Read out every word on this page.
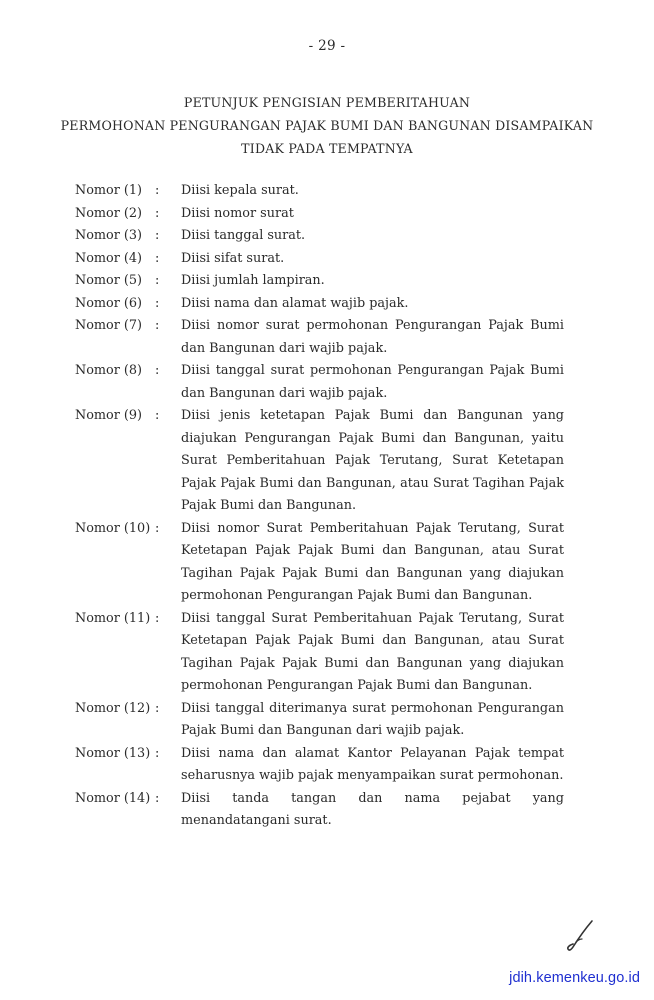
- 29 -
PETUNJUK PENGISIAN PEMBERITAHUAN
PERMOHONAN PENGURANGAN PAJAK BUMI DAN BANGUNAN DISAMPAIKAN
TIDAK PADA TEMPATNYA
Nomor (1) : Diisi kepala surat.
Nomor (2) : Diisi nomor surat
Nomor (3) : Diisi tanggal surat.
Nomor (4) : Diisi sifat surat.
Nomor (5) : Diisi jumlah lampiran.
Nomor (6) : Diisi nama dan alamat wajib pajak.
Nomor (7) : Diisi nomor surat permohonan Pengurangan Pajak Bumi dan Bangunan dari wajib pajak.
Nomor (8) : Diisi tanggal surat permohonan Pengurangan Pajak Bumi dan Bangunan dari wajib pajak.
Nomor (9) : Diisi jenis ketetapan Pajak Bumi dan Bangunan yang diajukan Pengurangan Pajak Bumi dan Bangunan, yaitu Surat Pemberitahuan Pajak Terutang, Surat Ketetapan Pajak Pajak Bumi dan Bangunan, atau Surat Tagihan Pajak Pajak Bumi dan Bangunan.
Nomor (10) : Diisi nomor Surat Pemberitahuan Pajak Terutang, Surat Ketetapan Pajak Pajak Bumi dan Bangunan, atau Surat Tagihan Pajak Pajak Bumi dan Bangunan yang diajukan permohonan Pengurangan Pajak Bumi dan Bangunan.
Nomor (11) : Diisi tanggal Surat Pemberitahuan Pajak Terutang, Surat Ketetapan Pajak Pajak Bumi dan Bangunan, atau Surat Tagihan Pajak Pajak Bumi dan Bangunan yang diajukan permohonan Pengurangan Pajak Bumi dan Bangunan.
Nomor (12) : Diisi tanggal diterimanya surat permohonan Pengurangan Pajak Bumi dan Bangunan dari wajib pajak.
Nomor (13) : Diisi nama dan alamat Kantor Pelayanan Pajak tempat seharusnya wajib pajak menyampaikan surat permohonan.
Nomor (14) : Diisi tanda tangan dan nama pejabat yang menandatangani surat.
jdih.kemenkeu.go.id
